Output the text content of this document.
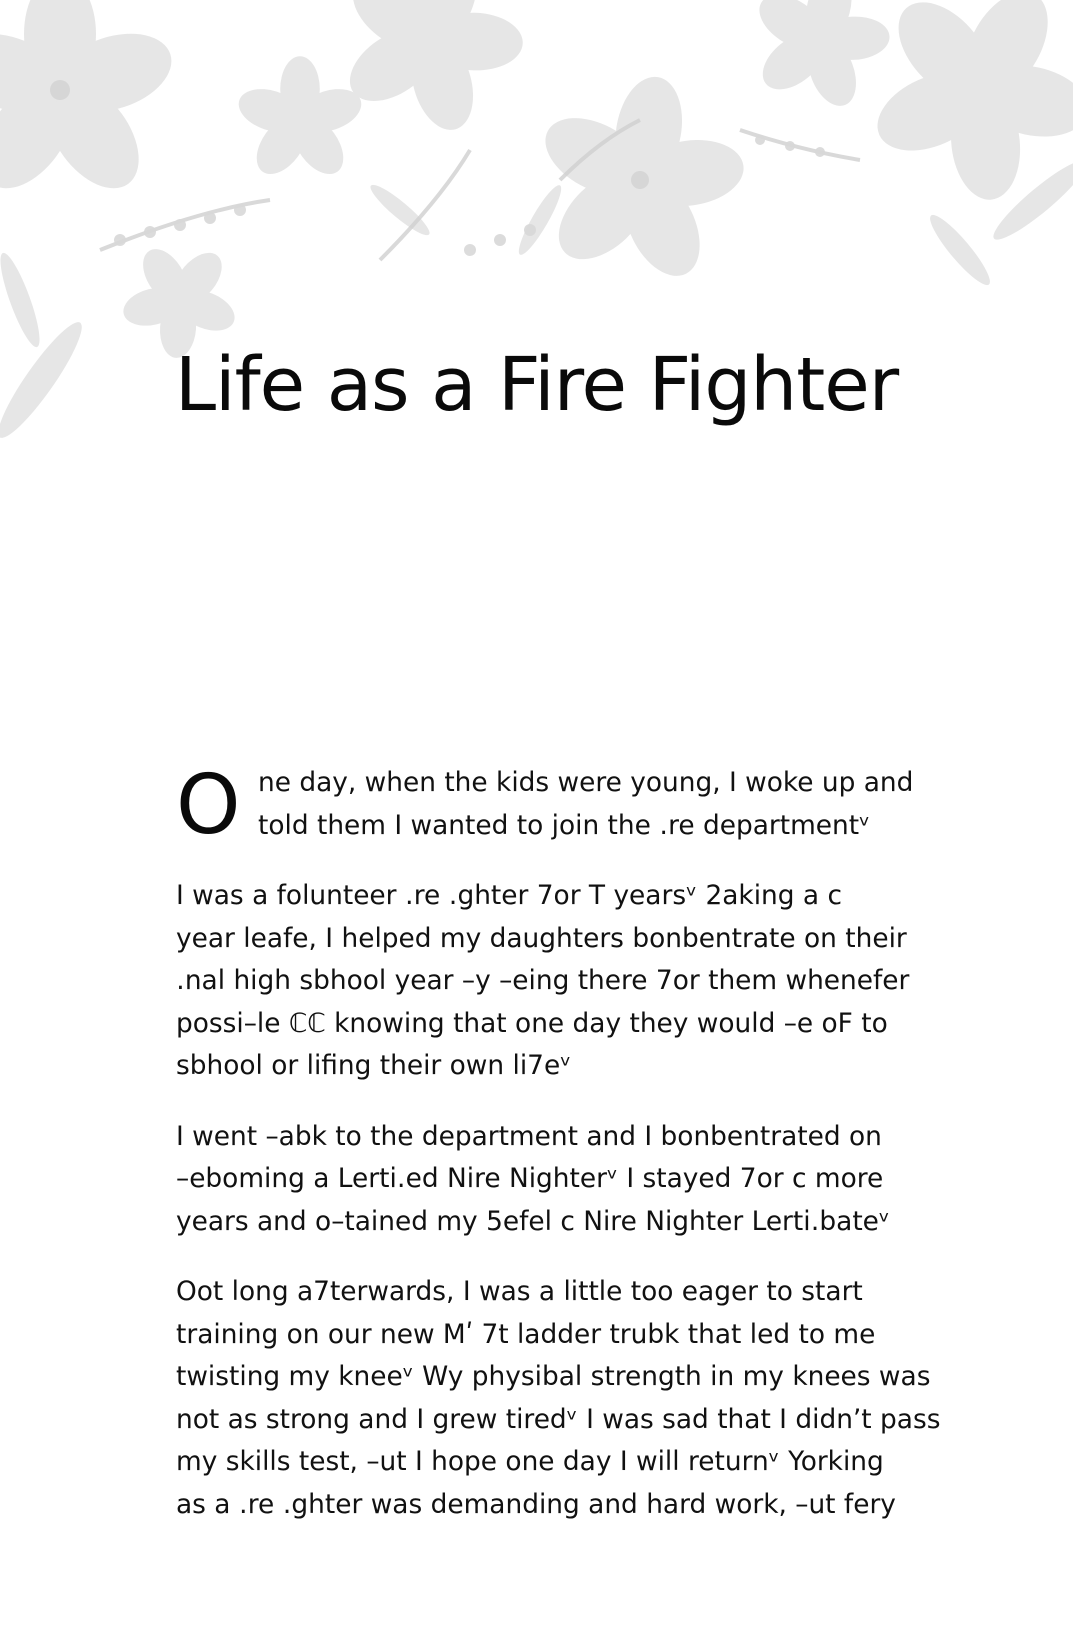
Life as a Fire Fighter
O ne day, when the kids were young, I woke up and
told them I wanted to join the ․re departmentᵛ
I was a folunteer ․re ․ghter 7or T yearsᵛ 2aking a c
year leafe, I helped my daughters bonbentrate on their
․nal high sbhool year –y –eing there 7or them whenefer
possi–le ℂℂ knowing that one day they would –e oF to
sbhool or lifing their own li7eᵛ
I went –abk to the department and I bonbentrated on
–eboming a Lerti․ed Nire Nighterᵛ I stayed 7or c more
years and o–tained my 5efel c Nire Nighter Lerti․bateᵛ
Oot long a7terwards, I was a little too eager to start
training on our new Mʹ 7t ladder trubk that led to me
twisting my kneeᵛ Wy physibal strength in my knees was
not as strong and I grew tiredᵛ I was sad that I didn’t pass
my skills test, –ut I hope one day I will returnᵛ Yorking
as a ․re ․ghter was demanding and hard work, –ut fery
